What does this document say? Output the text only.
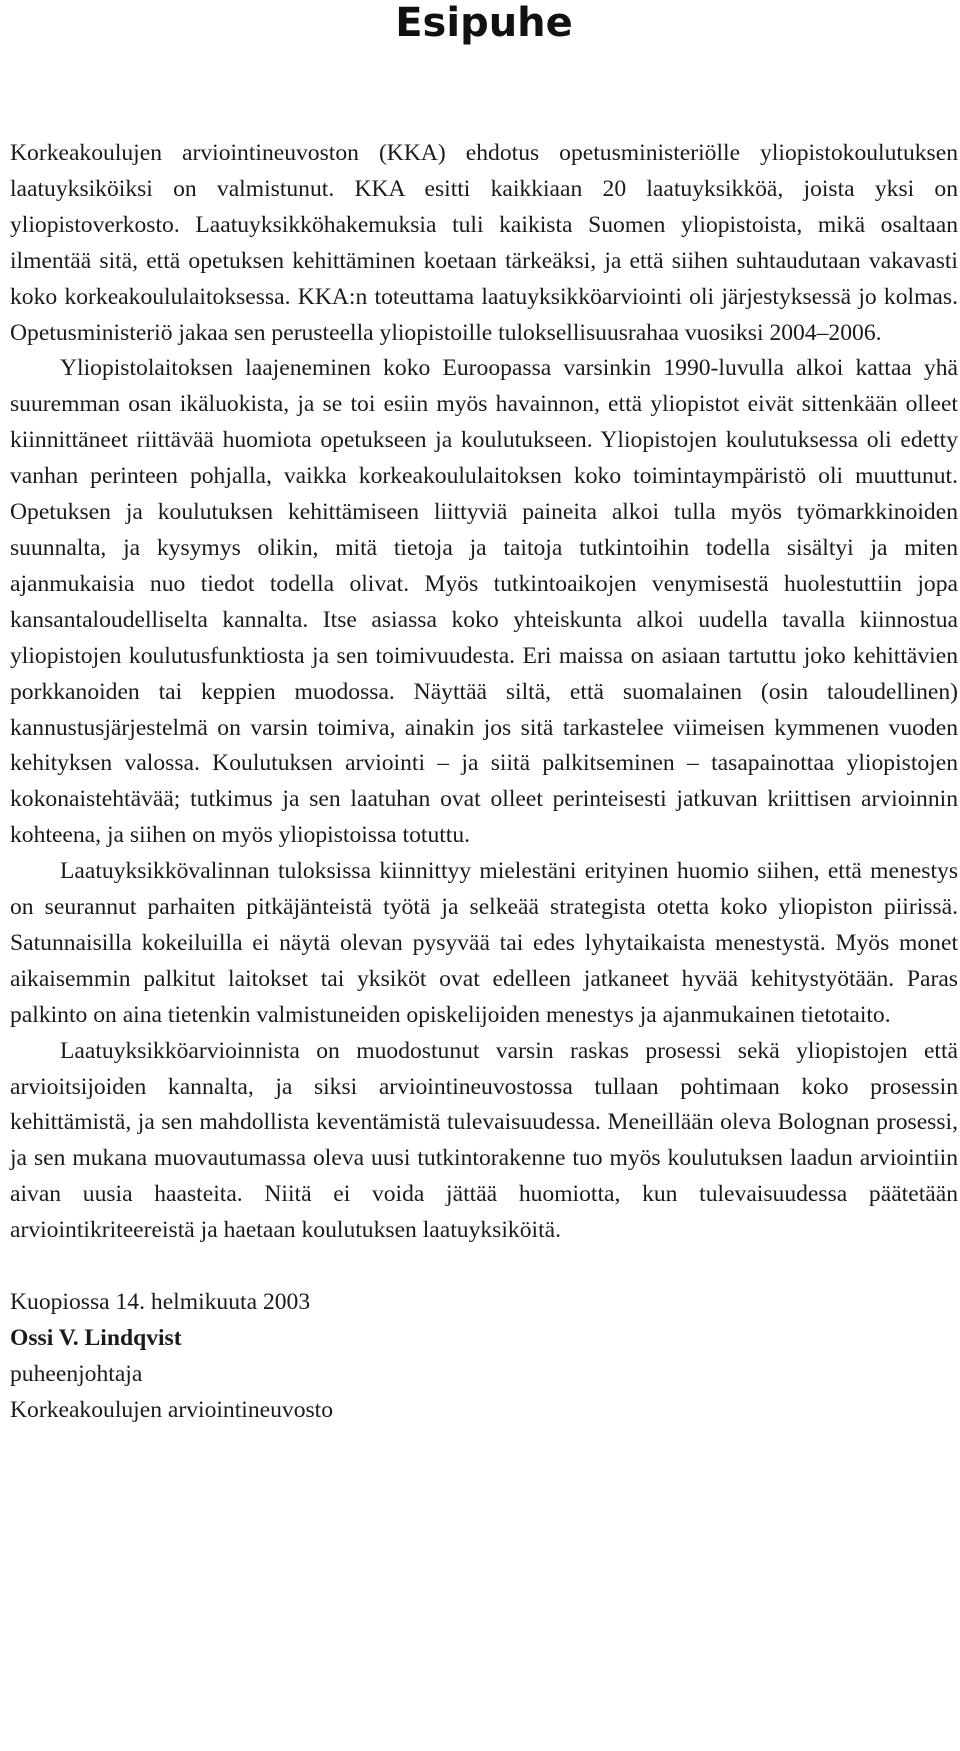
Esipuhe

Korkeakoulujen arviointineuvoston (KKA) ehdotus opetusministeriölle yliopistokoulutuksen laatuyksiköiksi on valmistunut. KKA esitti kaikkiaan 20 laatuyksikköä, joista yksi on yliopistoverkosto. Laatuyksikköhakemuksia tuli kaikista Suomen yliopistoista, mikä osaltaan ilmentää sitä, että opetuksen kehittäminen koetaan tärkeäksi, ja että siihen suhtaudutaan vakavasti koko korkeakoululaitoksessa. KKA:n toteuttama laatuyksikköarviointi oli järjestyksessä jo kolmas. Opetusministeriö jakaa sen perusteella yliopistoille tuloksellisuusrahaa vuosiksi 2004–2006.

Yliopistolaitoksen laajeneminen koko Euroopassa varsinkin 1990-luvulla alkoi kattaa yhä suuremman osan ikäluokista, ja se toi esiin myös havainnon, että yliopistot eivät sittenkään olleet kiinnittäneet riittävää huomiota opetukseen ja koulutukseen. Yliopistojen koulutuksessa oli edetty vanhan perinteen pohjalla, vaikka korkeakoululaitoksen koko toimintaympäristö oli muuttunut. Opetuksen ja koulutuksen kehittämiseen liittyviä paineita alkoi tulla myös työmarkkinoiden suunnalta, ja kysymys olikin, mitä tietoja ja taitoja tutkintoihin todella sisältyi ja miten ajanmukaisia nuo tiedot todella olivat. Myös tutkintoaikojen venymisestä huolestuttiin jopa kansantaloudelliselta kannalta. Itse asiassa koko yhteiskunta alkoi uudella tavalla kiinnostua yliopistojen koulutusfunktiosta ja sen toimivuudesta. Eri maissa on asiaan tartuttu joko kehittävien porkkanoiden tai keppien muodossa. Näyttää siltä, että suomalainen (osin taloudellinen) kannustusjärjestelmä on varsin toimiva, ainakin jos sitä tarkastelee viimeisen kymmenen vuoden kehityksen valossa. Koulutuksen arviointi – ja siitä palkitseminen – tasapainottaa yliopistojen kokonaistehtävää; tutkimus ja sen laatuhan ovat olleet perinteisesti jatkuvan kriittisen arvioinnin kohteena, ja siihen on myös yliopistoissa totuttu.

Laatuyksikkövalinnan tuloksissa kiinnittyy mielestäni erityinen huomio siihen, että menestys on seurannut parhaiten pitkäjänteistä työtä ja selkeää strategista otetta koko yliopiston piirissä. Satunnaisilla kokeiluilla ei näytä olevan pysyvää tai edes lyhytaikaista menestystä. Myös monet aikaisemmin palkitut laitokset tai yksiköt ovat edelleen jatkaneet hyvää kehitystyötään. Paras palkinto on aina tietenkin valmistuneiden opiskelijoiden menestys ja ajanmukainen tietotaito.

Laatuyksikköarvioinnista on muodostunut varsin raskas prosessi sekä yliopistojen että arvioitsijoiden kannalta, ja siksi arviointineuvostossa tullaan pohtimaan koko prosessin kehittämistä, ja sen mahdollista keventämistä tulevaisuudessa. Meneillään oleva Bolognan prosessi, ja sen mukana muovautumassa oleva uusi tutkintorakenne tuo myös koulutuksen laadun arviointiin aivan uusia haasteita. Niitä ei voida jättää huomiotta, kun tulevaisuudessa päätetään arviointikriteereistä ja haetaan koulutuksen laatuyksiköitä.

Kuopiossa 14. helmikuuta 2003
Ossi V. Lindqvist
puheenjohtaja
Korkeakoulujen arviointineuvosto
